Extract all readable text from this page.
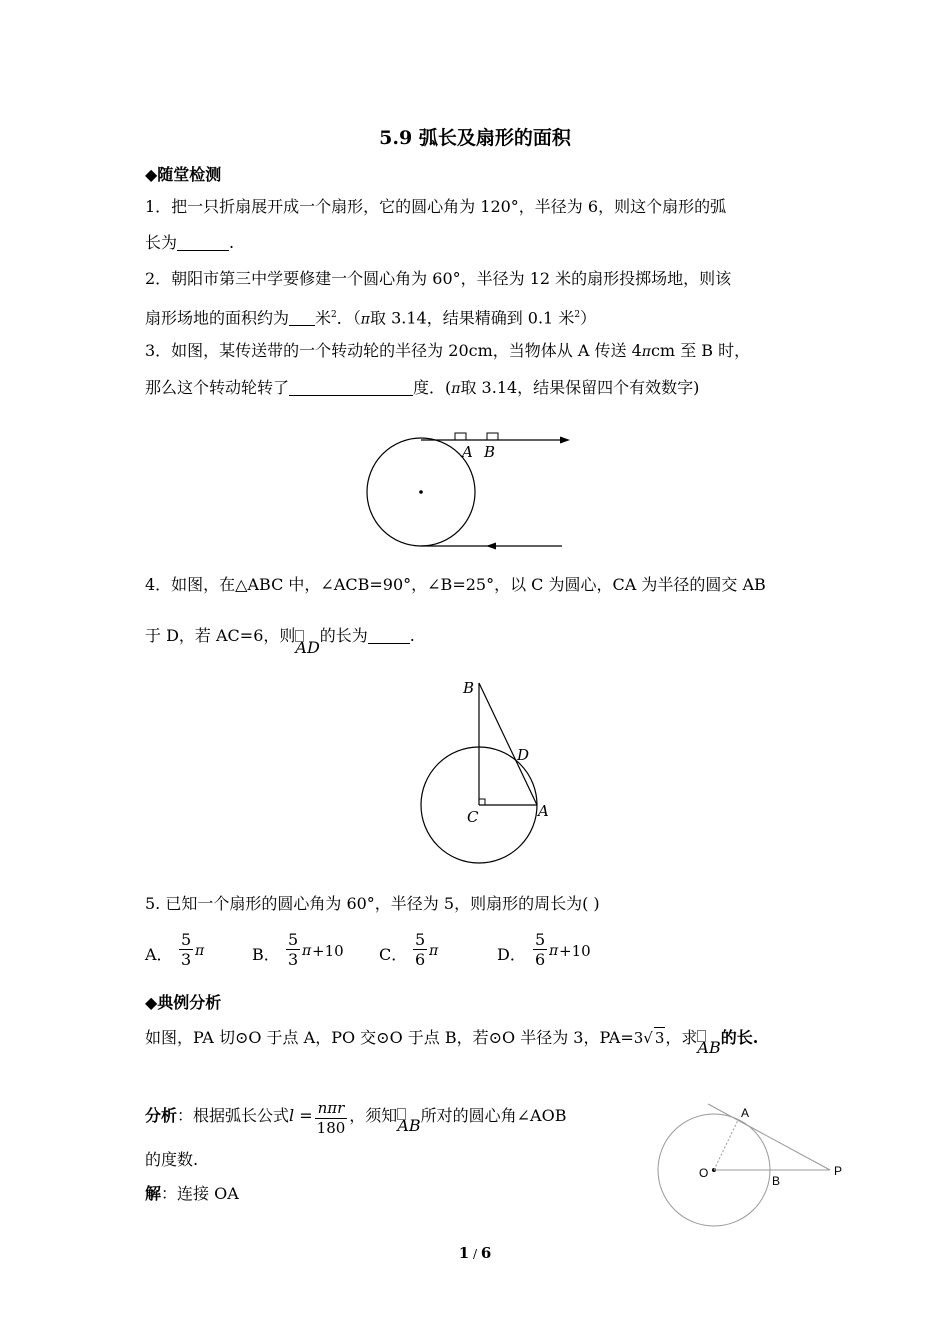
5.9 弧长及扇形的面积
◆随堂检测
1．把一只折扇展开成一个扇形，它的圆心角为 120°，半径为 6，则这个扇形的弧
长为	.
2．朝阳市第三中学要修建一个圆心角为 60°，半径为 12 米的扇形投掷场地，则该
扇形场地的面积约为 米$^2$．（π取 3.14，结果精确到 0.1 米$^2$）
3．如图，某传送带的一个转动轮的半径为 20cm，当物体从 A 传送 4πcm 至 B 时，
那么这个转动轮转了	度．(π取 3.14，结果保留四个有效数字)
A B
4．如图，在△ABC 中，∠ACB=90°，∠B=25°，以 C 为圆心，CA 为半径的圆交 AB
于 D，若 AC=6，则
AD的长为	.
B
D
C	A
5. 已知一个扇形的圆心角为 60°，半径为 5，则扇形的周长为( )
A． $\frac{5}{3}$ π	B． $\frac{5}{3}$ π +10 C． $\frac{5}{6}$ π	D． $\frac{5}{6}$ π +10
◆典例分析
如图，PA 切⊙O 于点 A，PO 交⊙O 于点 B，若⊙O 半径为 3，PA=3√ 3，求
AB的长.
分析：根据弧长公式$l = \frac{\text{nπr}}{180}$ ，须知
AB所对的圆心角∠AOB
的度数.
解：连接 OA
A
O
B
P
1 / 6
